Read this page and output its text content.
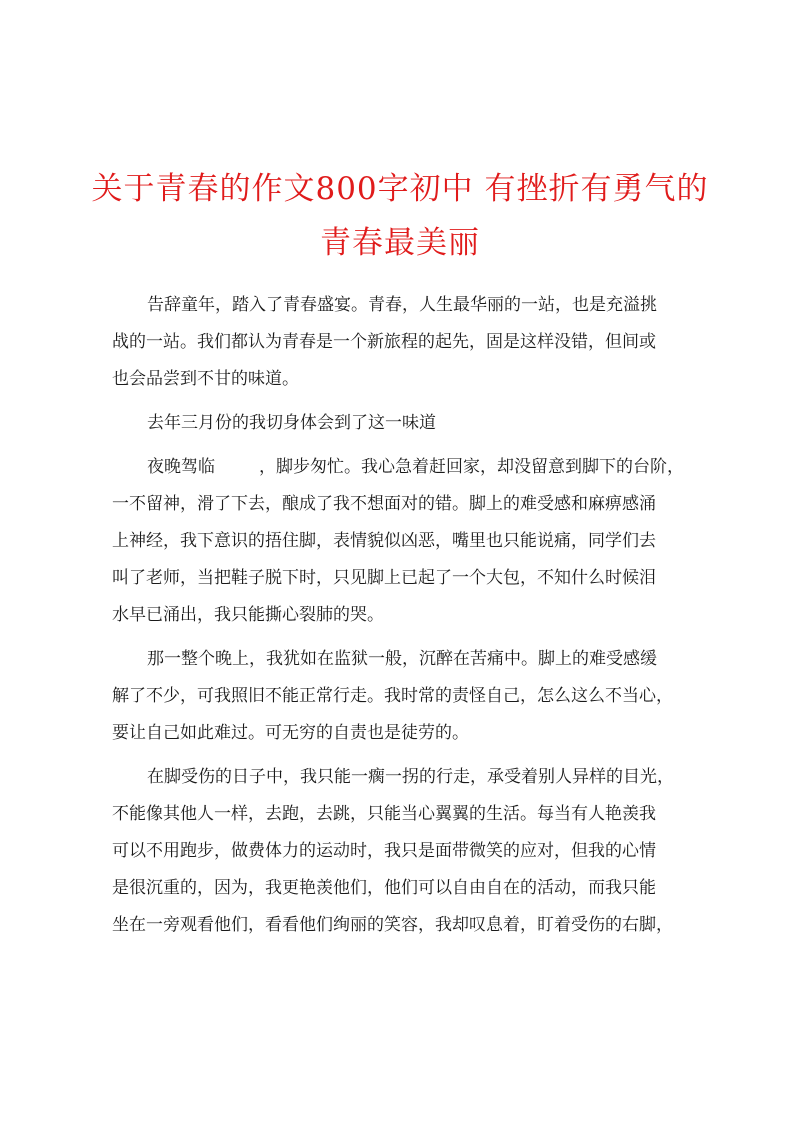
关于青春的作文800字初中 有挫折有勇气的
青春最美丽

告辞童年，踏入了青春盛宴。青春，人生最华丽的一站，也是充溢挑
战的一站。我们都认为青春是一个新旅程的起先，固是这样没错，但间或
也会品尝到不甘的味道。

去年三月份的我切身体会到了这一味道

夜晚驾临	，脚步匆忙。我心急着赶回家，却没留意到脚下的台阶，
一不留神，滑了下去，酿成了我不想面对的错。脚上的难受感和麻痹感涌
上神经，我下意识的捂住脚，表情貌似凶恶，嘴里也只能说痛，同学们去
叫了老师，当把鞋子脱下时，只见脚上已起了一个大包，不知什么时候泪
水早已涌出，我只能撕心裂肺的哭。

那一整个晚上，我犹如在监狱一般，沉醉在苦痛中。脚上的难受感缓
解了不少，可我照旧不能正常行走。我时常的责怪自己，怎么这么不当心，
要让自己如此难过。可无穷的自责也是徒劳的。

在脚受伤的日子中，我只能一瘸一拐的行走，承受着别人异样的目光，
不能像其他人一样，去跑，去跳，只能当心翼翼的生活。每当有人艳羡我
可以不用跑步，做费体力的运动时，我只是面带微笑的应对，但我的心情
是很沉重的，因为，我更艳羡他们，他们可以自由自在的活动，而我只能
坐在一旁观看他们，看看他们绚丽的笑容，我却叹息着，盯着受伤的右脚，
